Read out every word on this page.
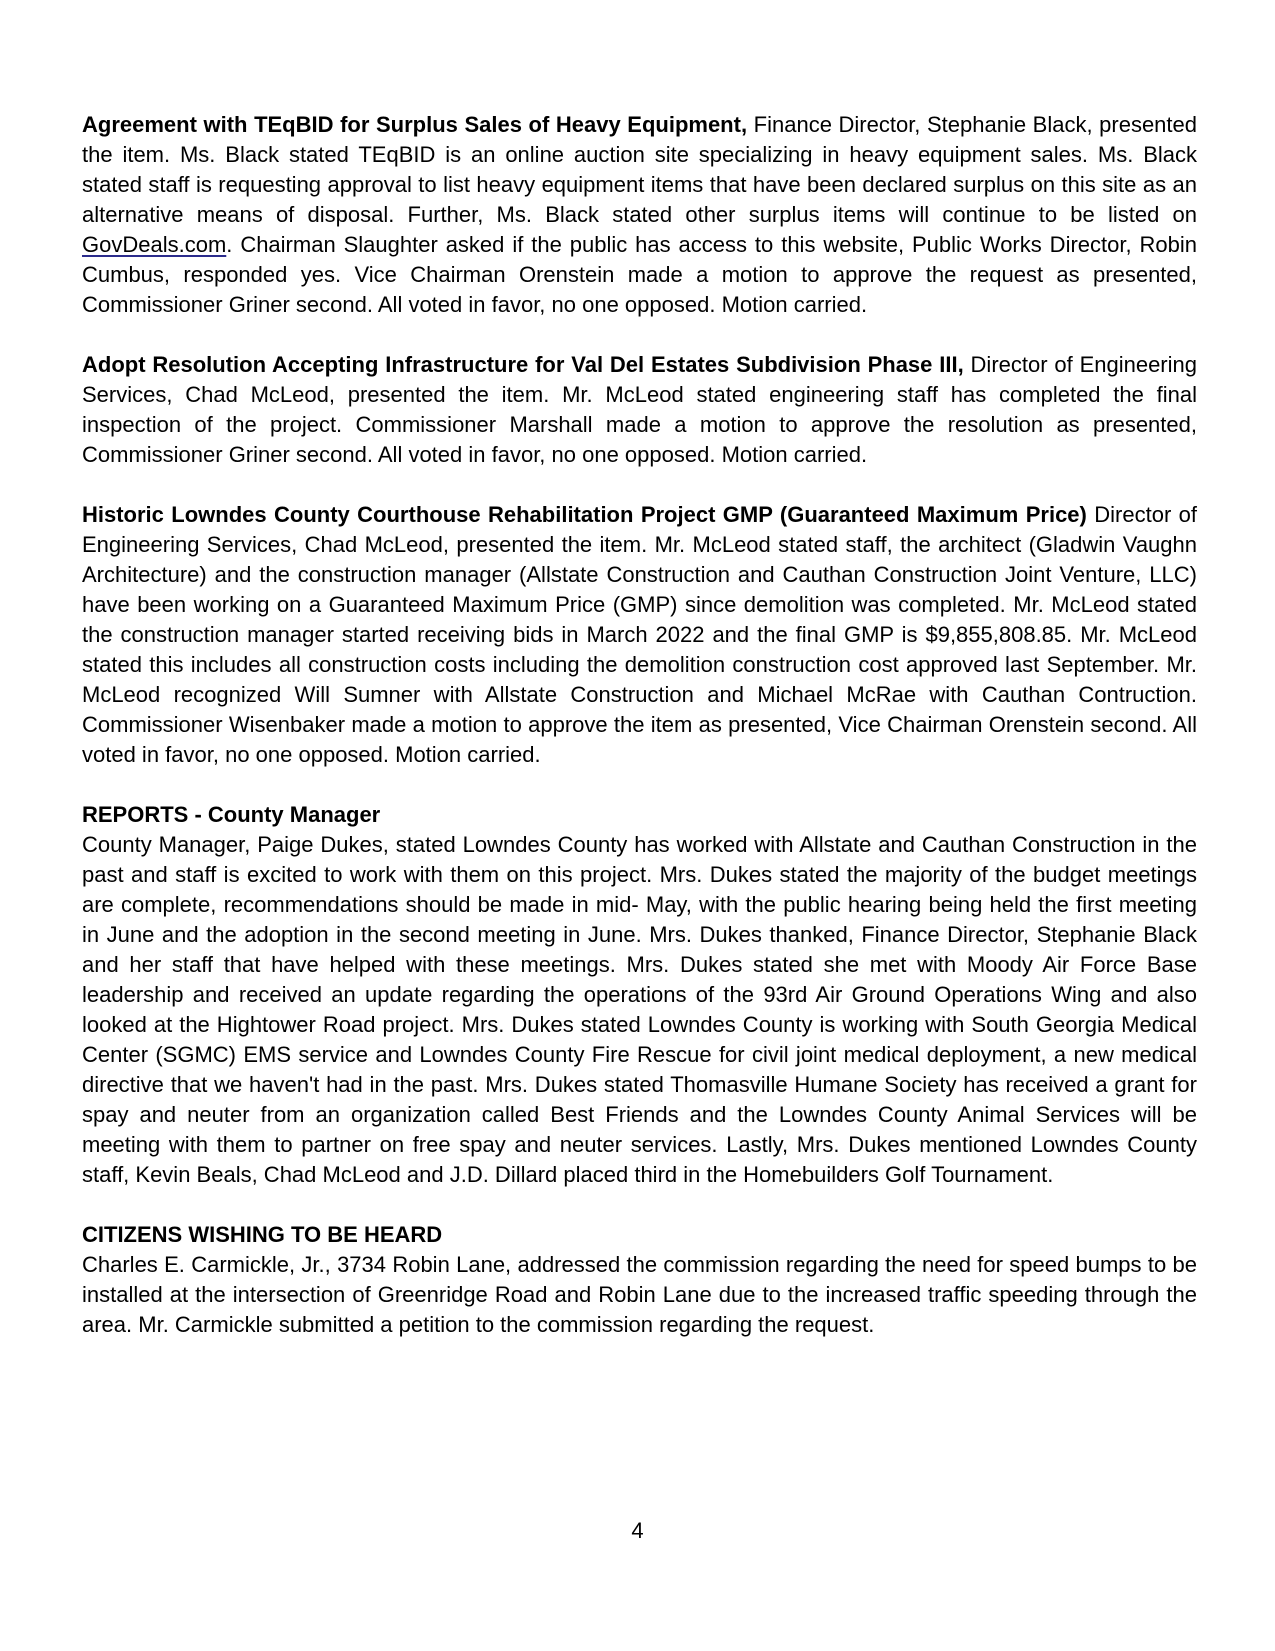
Agreement with TEqBID for Surplus Sales of Heavy Equipment, Finance Director, Stephanie Black, presented the item. Ms. Black stated TEqBID is an online auction site specializing in heavy equipment sales. Ms. Black stated staff is requesting approval to list heavy equipment items that have been declared surplus on this site as an alternative means of disposal. Further, Ms. Black stated other surplus items will continue to be listed on GovDeals.com. Chairman Slaughter asked if the public has access to this website, Public Works Director, Robin Cumbus, responded yes. Vice Chairman Orenstein made a motion to approve the request as presented, Commissioner Griner second. All voted in favor, no one opposed. Motion carried.

Adopt Resolution Accepting Infrastructure for Val Del Estates Subdivision Phase III, Director of Engineering Services, Chad McLeod, presented the item. Mr. McLeod stated engineering staff has completed the final inspection of the project. Commissioner Marshall made a motion to approve the resolution as presented, Commissioner Griner second. All voted in favor, no one opposed. Motion carried.

Historic Lowndes County Courthouse Rehabilitation Project GMP (Guaranteed Maximum Price) Director of Engineering Services, Chad McLeod, presented the item. Mr. McLeod stated staff, the architect (Gladwin Vaughn Architecture) and the construction manager (Allstate Construction and Cauthan Construction Joint Venture, LLC) have been working on a Guaranteed Maximum Price (GMP) since demolition was completed. Mr. McLeod stated the construction manager started receiving bids in March 2022 and the final GMP is $9,855,808.85. Mr. McLeod stated this includes all construction costs including the demolition construction cost approved last September. Mr. McLeod recognized Will Sumner with Allstate Construction and Michael McRae with Cauthan Contruction. Commissioner Wisenbaker made a motion to approve the item as presented, Vice Chairman Orenstein second. All voted in favor, no one opposed. Motion carried.

REPORTS - County Manager

County Manager, Paige Dukes, stated Lowndes County has worked with Allstate and Cauthan Construction in the past and staff is excited to work with them on this project. Mrs. Dukes stated the majority of the budget meetings are complete, recommendations should be made in mid- May, with the public hearing being held the first meeting in June and the adoption in the second meeting in June. Mrs. Dukes thanked, Finance Director, Stephanie Black and her staff that have helped with these meetings. Mrs. Dukes stated she met with Moody Air Force Base leadership and received an update regarding the operations of the 93rd Air Ground Operations Wing and also looked at the Hightower Road project. Mrs. Dukes stated Lowndes County is working with South Georgia Medical Center (SGMC) EMS service and Lowndes County Fire Rescue for civil joint medical deployment, a new medical directive that we haven't had in the past. Mrs. Dukes stated Thomasville Humane Society has received a grant for spay and neuter from an organization called Best Friends and the Lowndes County Animal Services will be meeting with them to partner on free spay and neuter services. Lastly, Mrs. Dukes mentioned Lowndes County staff, Kevin Beals, Chad McLeod and J.D. Dillard placed third in the Homebuilders Golf Tournament.

CITIZENS WISHING TO BE HEARD

Charles E. Carmickle, Jr., 3734 Robin Lane, addressed the commission regarding the need for speed bumps to be installed at the intersection of Greenridge Road and Robin Lane due to the increased traffic speeding through the area. Mr. Carmickle submitted a petition to the commission regarding the request.

4
